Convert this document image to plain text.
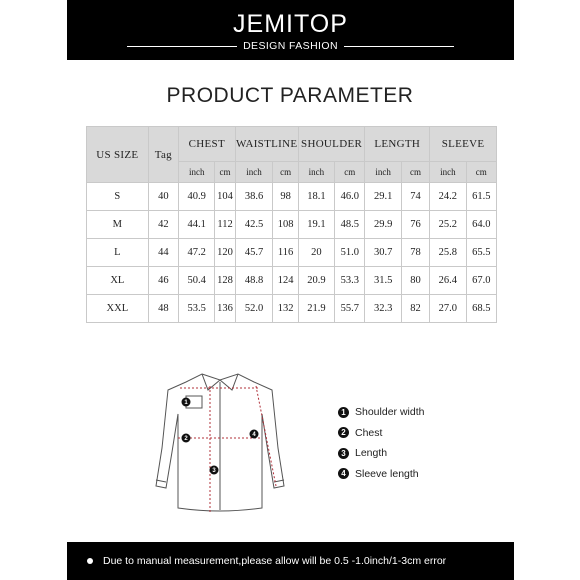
JEMITOP
DESIGN FASHION
PRODUCT PARAMETER
US SIZE	Tag	CHEST		WAISTLINE		SHOULDER		LENGTH		SLEEVE	
		inch	cm	inch	cm	inch	cm	inch	cm	inch	cm
S	40	40.9	104	38.6	98	18.1	46.0	29.1	74	24.2	61.5
M	42	44.1	112	42.5	108	19.1	48.5	29.9	76	25.2	64.0
L	44	47.2	120	45.7	116	20	51.0	30.7	78	25.8	65.5
XL	46	50.4	128	48.8	124	20.9	53.3	31.5	80	26.4	67.0
XXL	48	53.5	136	52.0	132	21.9	55.7	32.3	82	27.0	68.5
1
2
3
4
1 Shoulder width
2 Chest
3 Length
4 Sleeve length
Due to manual measurement,please allow will be 0.5 -1.0inch/1-3cm error
